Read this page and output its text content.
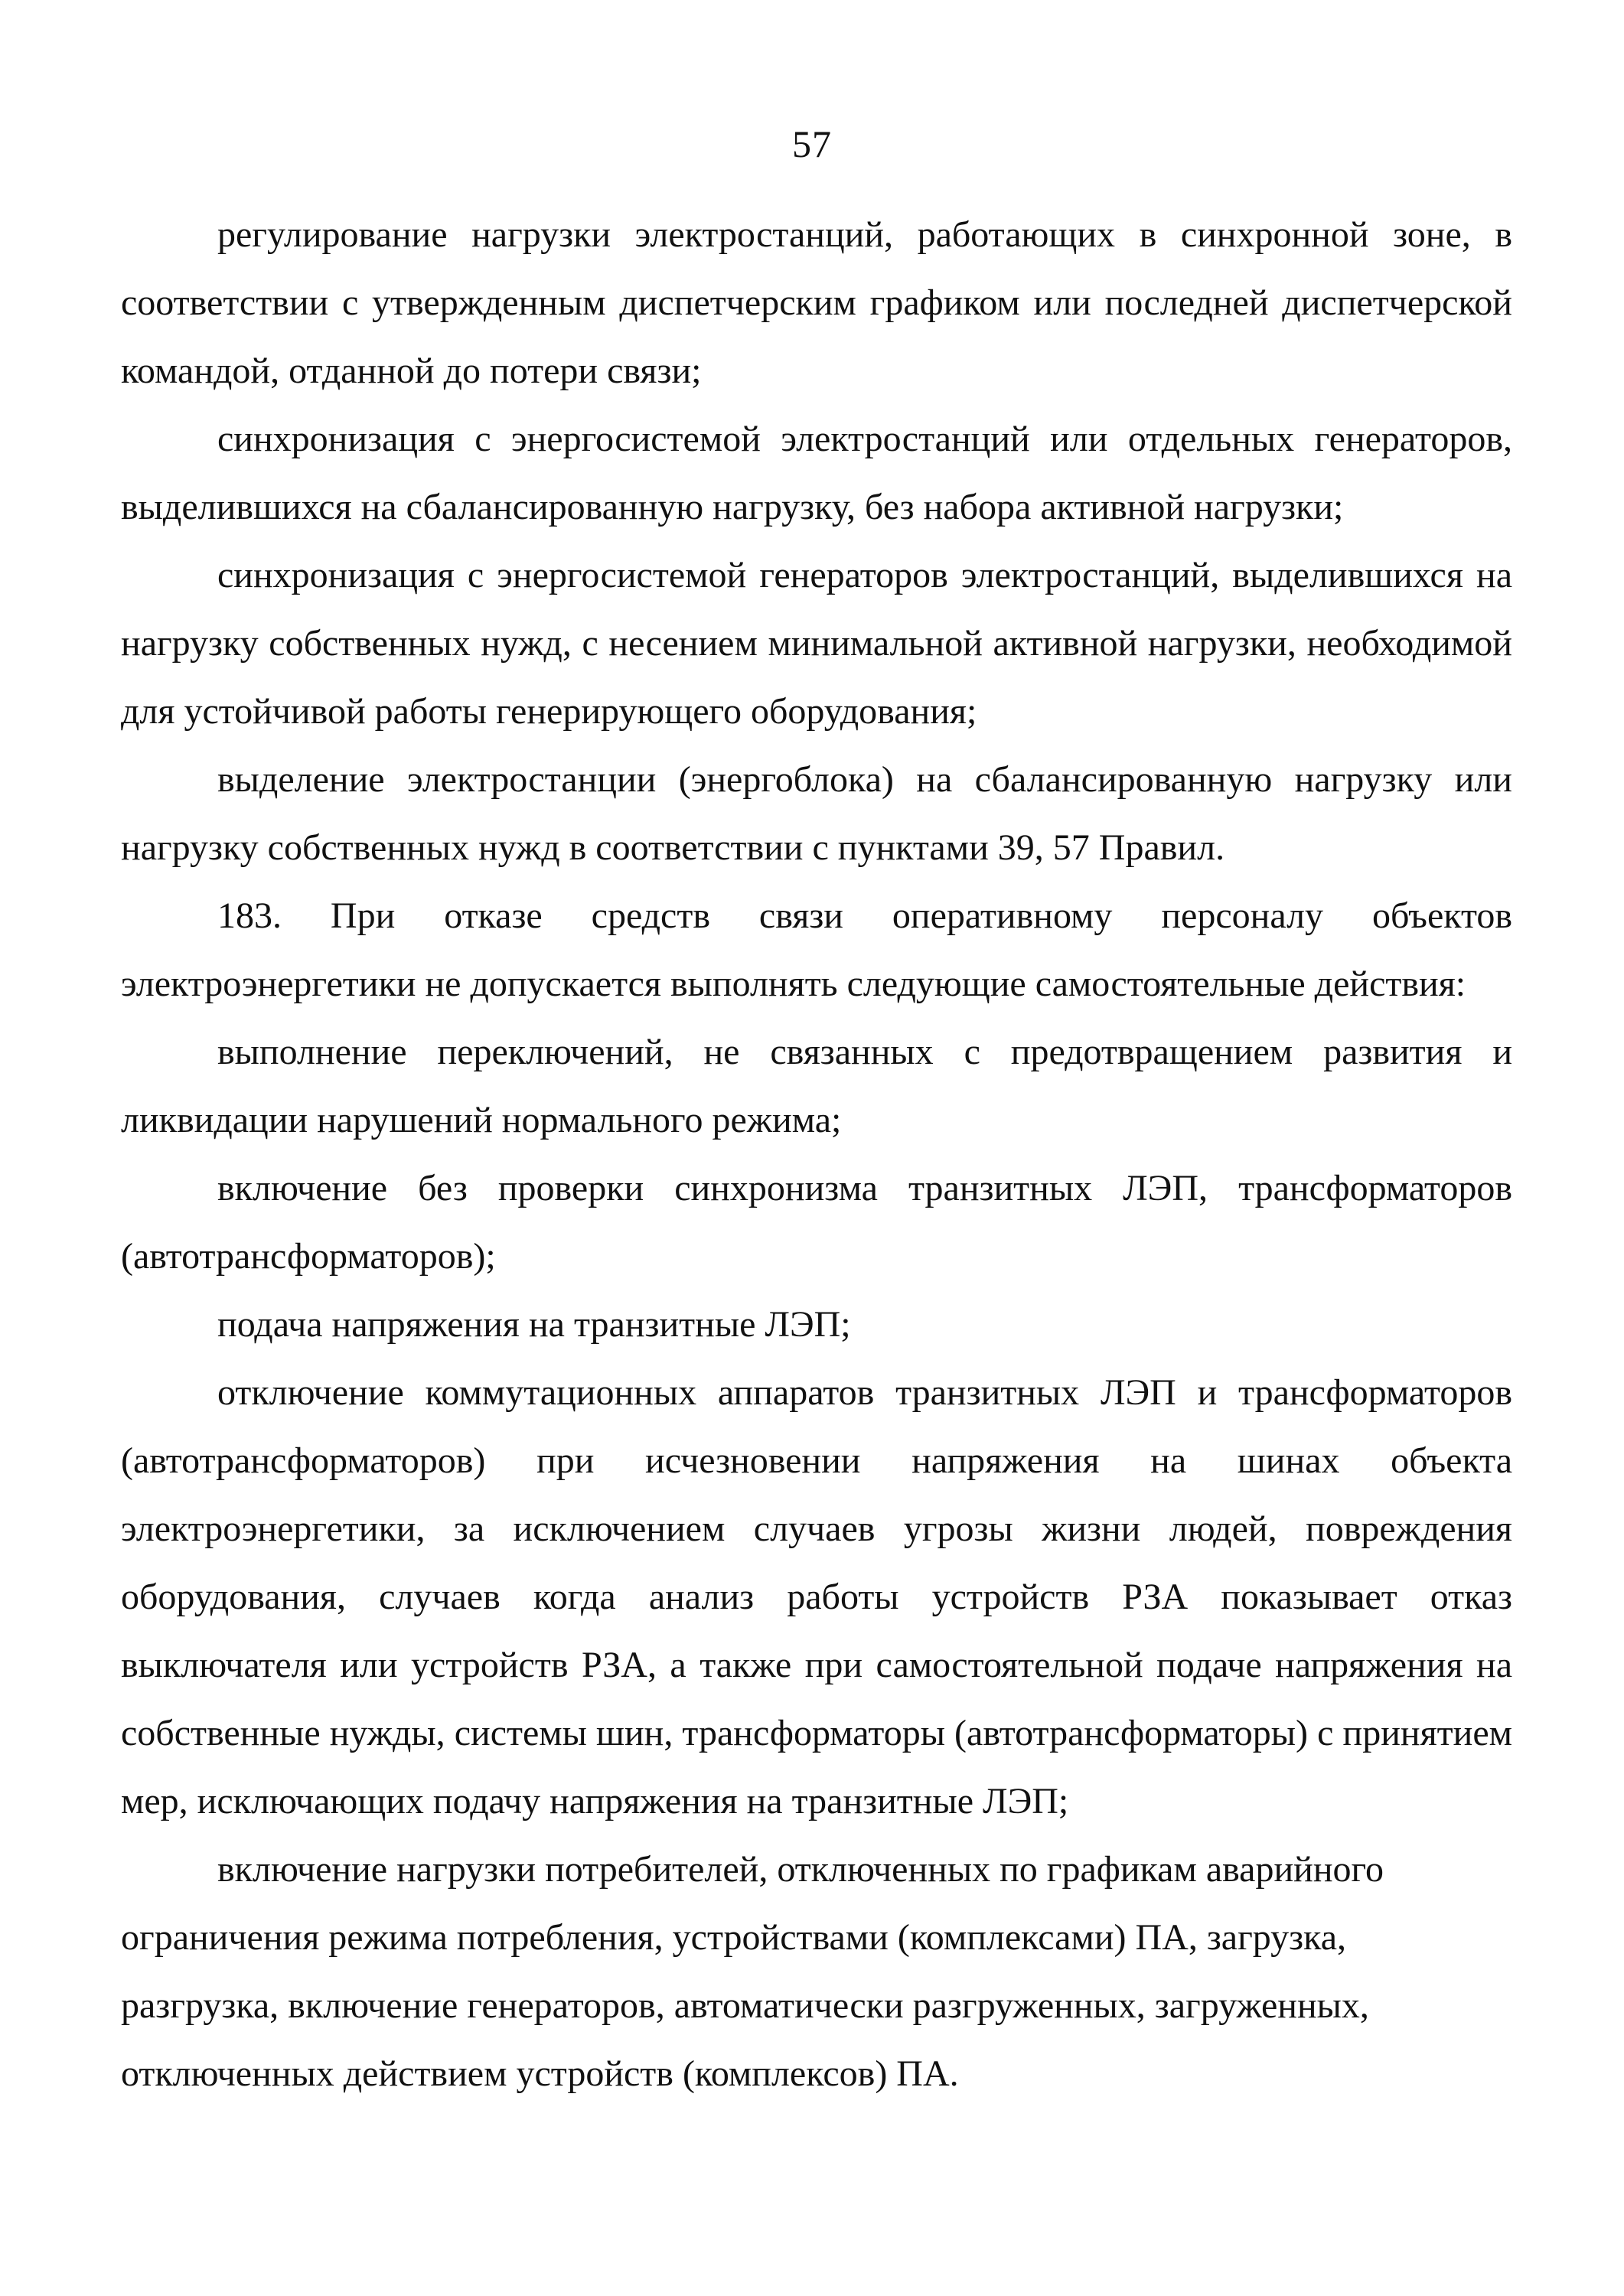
57

регулирование нагрузки электростанций, работающих в синхронной зоне, в соответствии с утвержденным диспетчерским графиком или последней диспетчерской командой, отданной до потери связи;

синхронизация с энергосистемой электростанций или отдельных генераторов, выделившихся на сбалансированную нагрузку, без набора активной нагрузки;

синхронизация с энергосистемой генераторов электростанций, выделившихся на нагрузку собственных нужд, с несением минимальной активной нагрузки, необходимой для устойчивой работы генерирующего оборудования;

выделение электростанции (энергоблока) на сбалансированную нагрузку или нагрузку собственных нужд в соответствии с пунктами 39, 57 Правил.

183. При отказе средств связи оперативному персоналу объектов электроэнергетики не допускается выполнять следующие самостоятельные действия:

выполнение переключений, не связанных с предотвращением развития и ликвидации нарушений нормального режима;

включение без проверки синхронизма транзитных ЛЭП, трансформаторов (автотрансформаторов);

подача напряжения на транзитные ЛЭП;

отключение коммутационных аппаратов транзитных ЛЭП и трансформаторов (автотрансформаторов) при исчезновении напряжения на шинах объекта электроэнергетики, за исключением случаев угрозы жизни людей, повреждения оборудования, случаев когда анализ работы устройств РЗА показывает отказ выключателя или устройств РЗА, а также при самостоятельной подаче напряжения на собственные нужды, системы шин, трансформаторы (автотрансформаторы) с принятием мер, исключающих подачу напряжения на транзитные ЛЭП;

включение нагрузки потребителей, отключенных по графикам аварийного ограничения режима потребления, устройствами (комплексами) ПА, загрузка, разгрузка, включение генераторов, автоматически разгруженных, загруженных, отключенных действием устройств (комплексов) ПА.
